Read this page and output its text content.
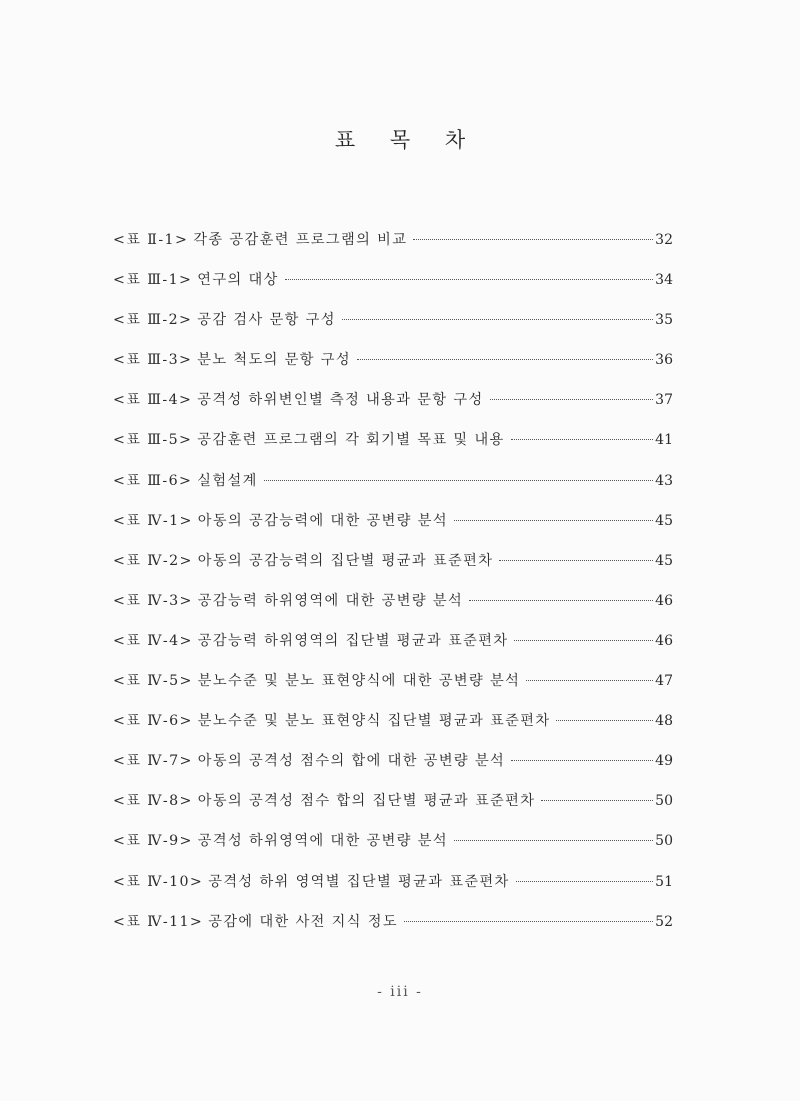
표 목 차
<표 Ⅱ-1> 각종 공감훈련 프로그램의 비교	32
<표 Ⅲ-1> 연구의 대상	34
<표 Ⅲ-2> 공감 검사 문항 구성	35
<표 Ⅲ-3> 분노 척도의 문항 구성	36
<표 Ⅲ-4> 공격성 하위변인별 측정 내용과 문항 구성	37
<표 Ⅲ-5> 공감훈련 프로그램의 각 회기별 목표 및 내용	41
<표 Ⅲ-6> 실험설계	43
<표 Ⅳ-1> 아동의 공감능력에 대한 공변량 분석	45
<표 Ⅳ-2> 아동의 공감능력의 집단별 평균과 표준편차	45
<표 Ⅳ-3> 공감능력 하위영역에 대한 공변량 분석	46
<표 Ⅳ-4> 공감능력 하위영역의 집단별 평균과 표준편차	46
<표 Ⅳ-5> 분노수준 및 분노 표현양식에 대한 공변량 분석	47
<표 Ⅳ-6> 분노수준 및 분노 표현양식 집단별 평균과 표준편차	48
<표 Ⅳ-7> 아동의 공격성 점수의 합에 대한 공변량 분석	49
<표 Ⅳ-8> 아동의 공격성 점수 합의 집단별 평균과 표준편차	50
<표 Ⅳ-9> 공격성 하위영역에 대한 공변량 분석	50
<표 Ⅳ-10> 공격성 하위 영역별 집단별 평균과 표준편차	51
<표 Ⅳ-11> 공감에 대한 사전 지식 정도	52
- iii -
